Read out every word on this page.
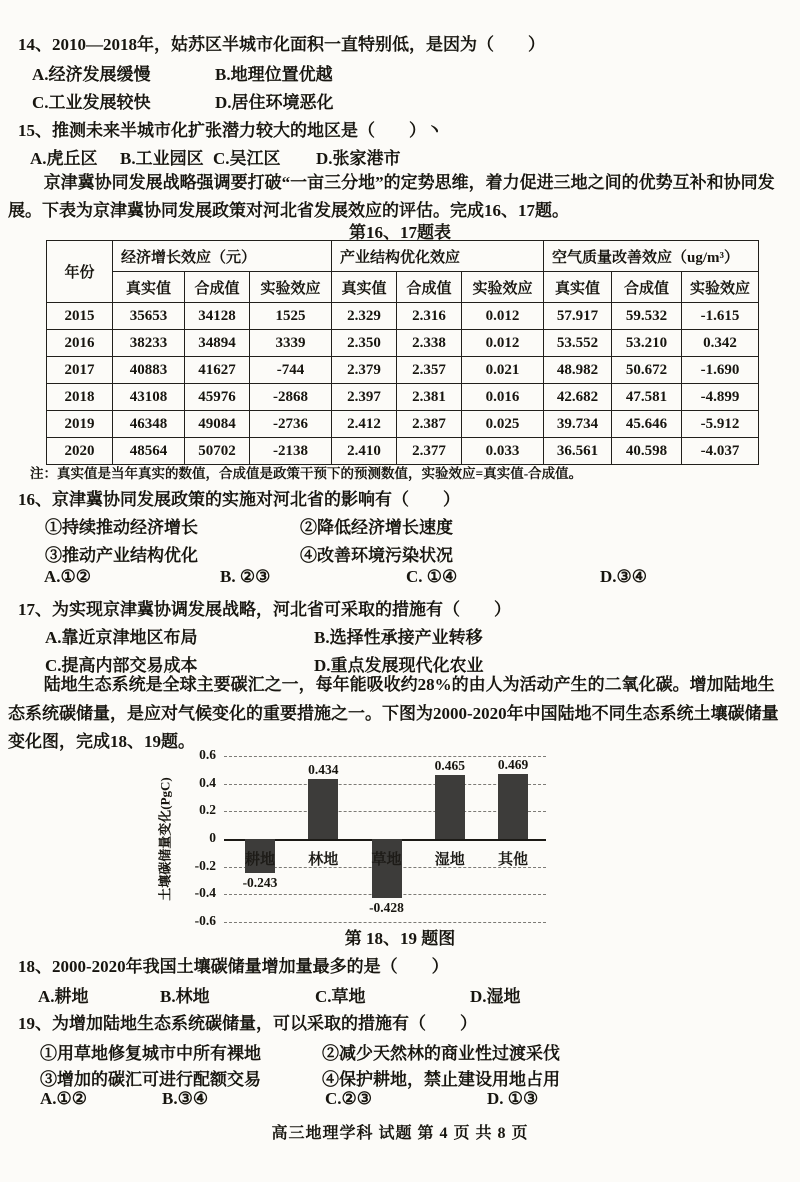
14、2010—2018年，姑苏区半城市化面积一直特别低，是因为（　　）
A.经济发展缓慢	B.地理位置优越
C.工业发展较快	D.居住环境恶化
15、推测未来半城市化扩张潜力较大的地区是（　　）丶
A.虎丘区 B.工业园区 C.吴江区 D.张家港市
京津冀协同发展战略强调要打破“一亩三分地”的定势思维，着力促进三地之间的优势互补和协同发展。下表为京津冀协同发展政策对河北省发展效应的评估。完成16、17题。
第16、17题表
年份	经济增长效应（元）			产业结构优化效应			空气质量改善效应（ug/m³）		
	真实值	合成值	实验效应	真实值	合成值	实验效应	真实值	合成值	实验效应
2015	35653	34128	1525	2.329	2.316	0.012	57.917	59.532	-1.615
2016	38233	34894	3339	2.350	2.338	0.012	53.552	53.210	0.342
2017	40883	41627	-744	2.379	2.357	0.021	48.982	50.672	-1.690
2018	43108	45976	-2868	2.397	2.381	0.016	42.682	47.581	-4.899
2019	46348	49084	-2736	2.412	2.387	0.025	39.734	45.646	-5.912
2020	48564	50702	-2138	2.410	2.377	0.033	36.561	40.598	-4.037
注：真实值是当年真实的数值，合成值是政策干预下的预测数值，实验效应=真实值-合成值。
16、京津冀协同发展政策的实施对河北省的影响有（　　）
①持续推动经济增长	②降低经济增长速度
③推动产业结构优化	④改善环境污染状况
A.①②	B. ②③	C. ①④	D.③④
17、为实现京津冀协调发展战略，河北省可采取的措施有（　　）
A.靠近京津地区布局	B.选择性承接产业转移
C.提高内部交易成本	D.重点发展现代化农业
陆地生态系统是全球主要碳汇之一，每年能吸收约28%的由人为活动产生的二氧化碳。增加陆地生态系统碳储量，是应对气候变化的重要措施之一。下图为2000-2020年中国陆地不同生态系统土壤碳储量变化图，完成18、19题。
土壤碳储量变化(PgC)
0.6
0.4
0.2
0
-0.2
-0.4
-0.6
-0.243
耕地
0.434
林地
-0.428
草地
0.465
湿地
0.469
其他
第 18、19 题图
18、2000-2020年我国土壤碳储量增加量最多的是（　　）
A.耕地	B.林地	C.草地	D.湿地
19、为增加陆地生态系统碳储量，可以采取的措施有（　　）
①用草地修复城市中所有裸地	②减少天然林的商业性过渡采伐
③增加的碳汇可进行配额交易	④保护耕地，禁止建设用地占用
A.①②	B.③④	C.②③	D. ①③
高三地理学科 试题 第 4 页 共 8 页
